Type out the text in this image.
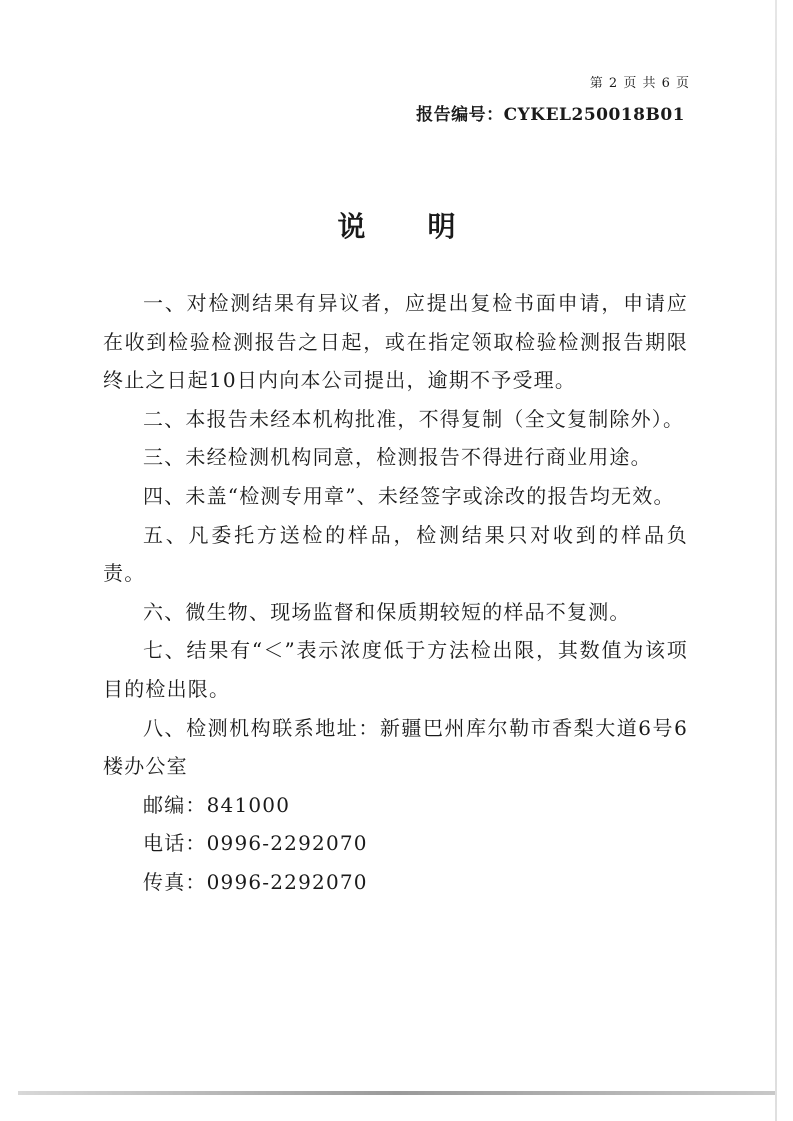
第 2 页 共 6 页
报告编号：CYKEL250018B01
说明

一、对检测结果有异议者，应提出复检书面申请，申请应在收到检验检测报告之日起，或在指定领取检验检测报告期限终止之日起10日内向本公司提出，逾期不予受理。

二、本报告未经本机构批准，不得复制（全文复制除外）。

三、未经检测机构同意，检测报告不得进行商业用途。

四、未盖“检测专用章”、未经签字或涂改的报告均无效。

五、凡委托方送检的样品，检测结果只对收到的样品负责。

六、微生物、现场监督和保质期较短的样品不复测。

七、结果有“＜”表示浓度低于方法检出限，其数值为该项目的检出限。

八、检测机构联系地址：新疆巴州库尔勒市香梨大道6号6楼办公室

邮编：841000

电话：0996-2292070

传真：0996-2292070
